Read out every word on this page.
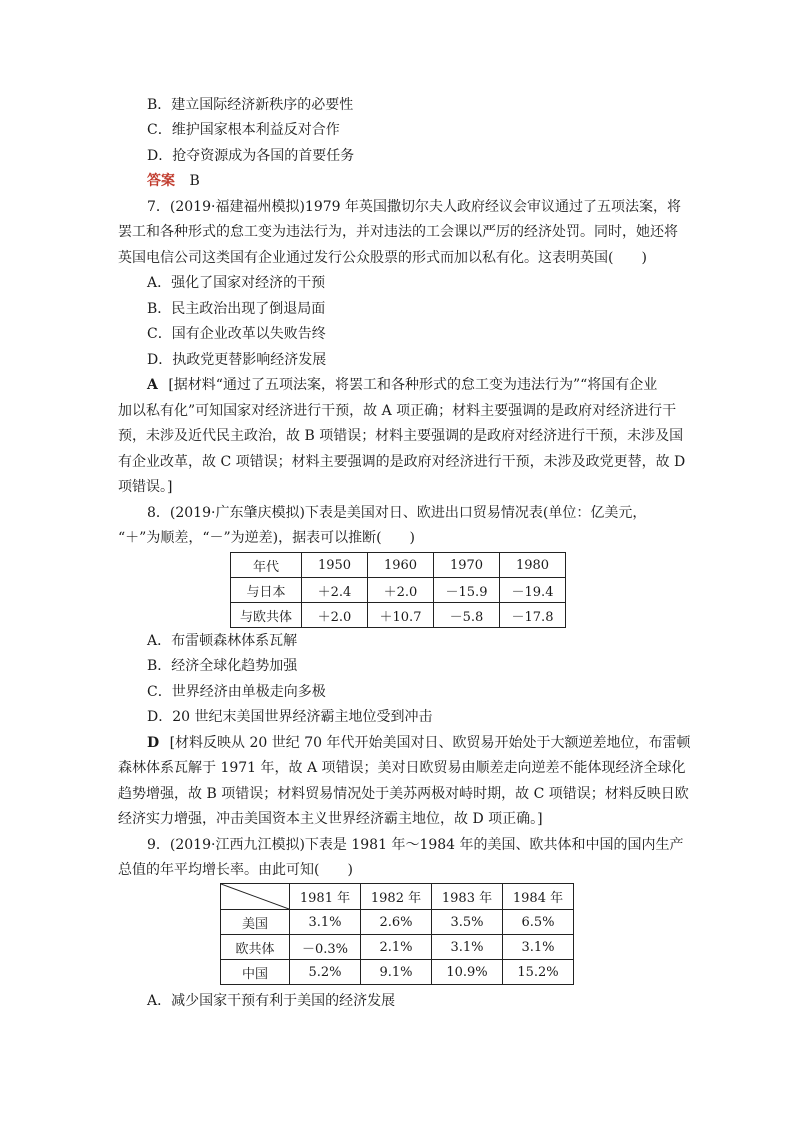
B．建立国际经济新秩序的必要性
C．维护国家根本利益反对合作
D．抢夺资源成为各国的首要任务
答案 B
7．(2019·福建福州模拟)1979 年英国撒切尔夫人政府经议会审议通过了五项法案，将
罢工和各种形式的怠工变为违法行为，并对违法的工会课以严厉的经济处罚。同时，她还将
英国电信公司这类国有企业通过发行公众股票的形式而加以私有化。这表明英国(　　)
A．强化了国家对经济的干预
B．民主政治出现了倒退局面
C．国有企业改革以失败告终
D．执政党更替影响经济发展
A [据材料“通过了五项法案，将罢工和各种形式的怠工变为违法行为”“将国有企业
加以私有化”可知国家对经济进行干预，故 A 项正确；材料主要强调的是政府对经济进行干
预，未涉及近代民主政治，故 B 项错误；材料主要强调的是政府对经济进行干预，未涉及国
有企业改革，故 C 项错误；材料主要强调的是政府对经济进行干预，未涉及政党更替，故 D
项错误。]
8．(2019·广东肇庆模拟)下表是美国对日、欧进出口贸易情况表(单位：亿美元，
“＋”为顺差，“－”为逆差)，据表可以推断(　　)
年代	1950	1960	1970	1980
与日本	＋2.4	＋2.0	－15.9	－19.4
与欧共体	＋2.0	＋10.7	－5.8	－17.8
A．布雷顿森林体系瓦解
B．经济全球化趋势加强
C．世界经济由单极走向多极
D．20 世纪末美国世界经济霸主地位受到冲击
D [材料反映从 20 世纪 70 年代开始美国对日、欧贸易开始处于大额逆差地位，布雷顿
森林体系瓦解于 1971 年，故 A 项错误；美对日欧贸易由顺差走向逆差不能体现经济全球化
趋势增强，故 B 项错误；材料贸易情况处于美苏两极对峙时期，故 C 项错误；材料反映日欧
经济实力增强，冲击美国资本主义世界经济霸主地位，故 D 项正确。]
9．(2019·江西九江模拟)下表是 1981 年～1984 年的美国、欧共体和中国的国内生产
总值的年平均增长率。由此可知(　　)
	1981 年	1982 年	1983 年	1984 年
美国	3.1%	2.6%	3.5%	6.5%
欧共体	－0.3%	2.1%	3.1%	3.1%
中国	5.2%	9.1%	10.9%	15.2%
A．减少国家干预有利于美国的经济发展
